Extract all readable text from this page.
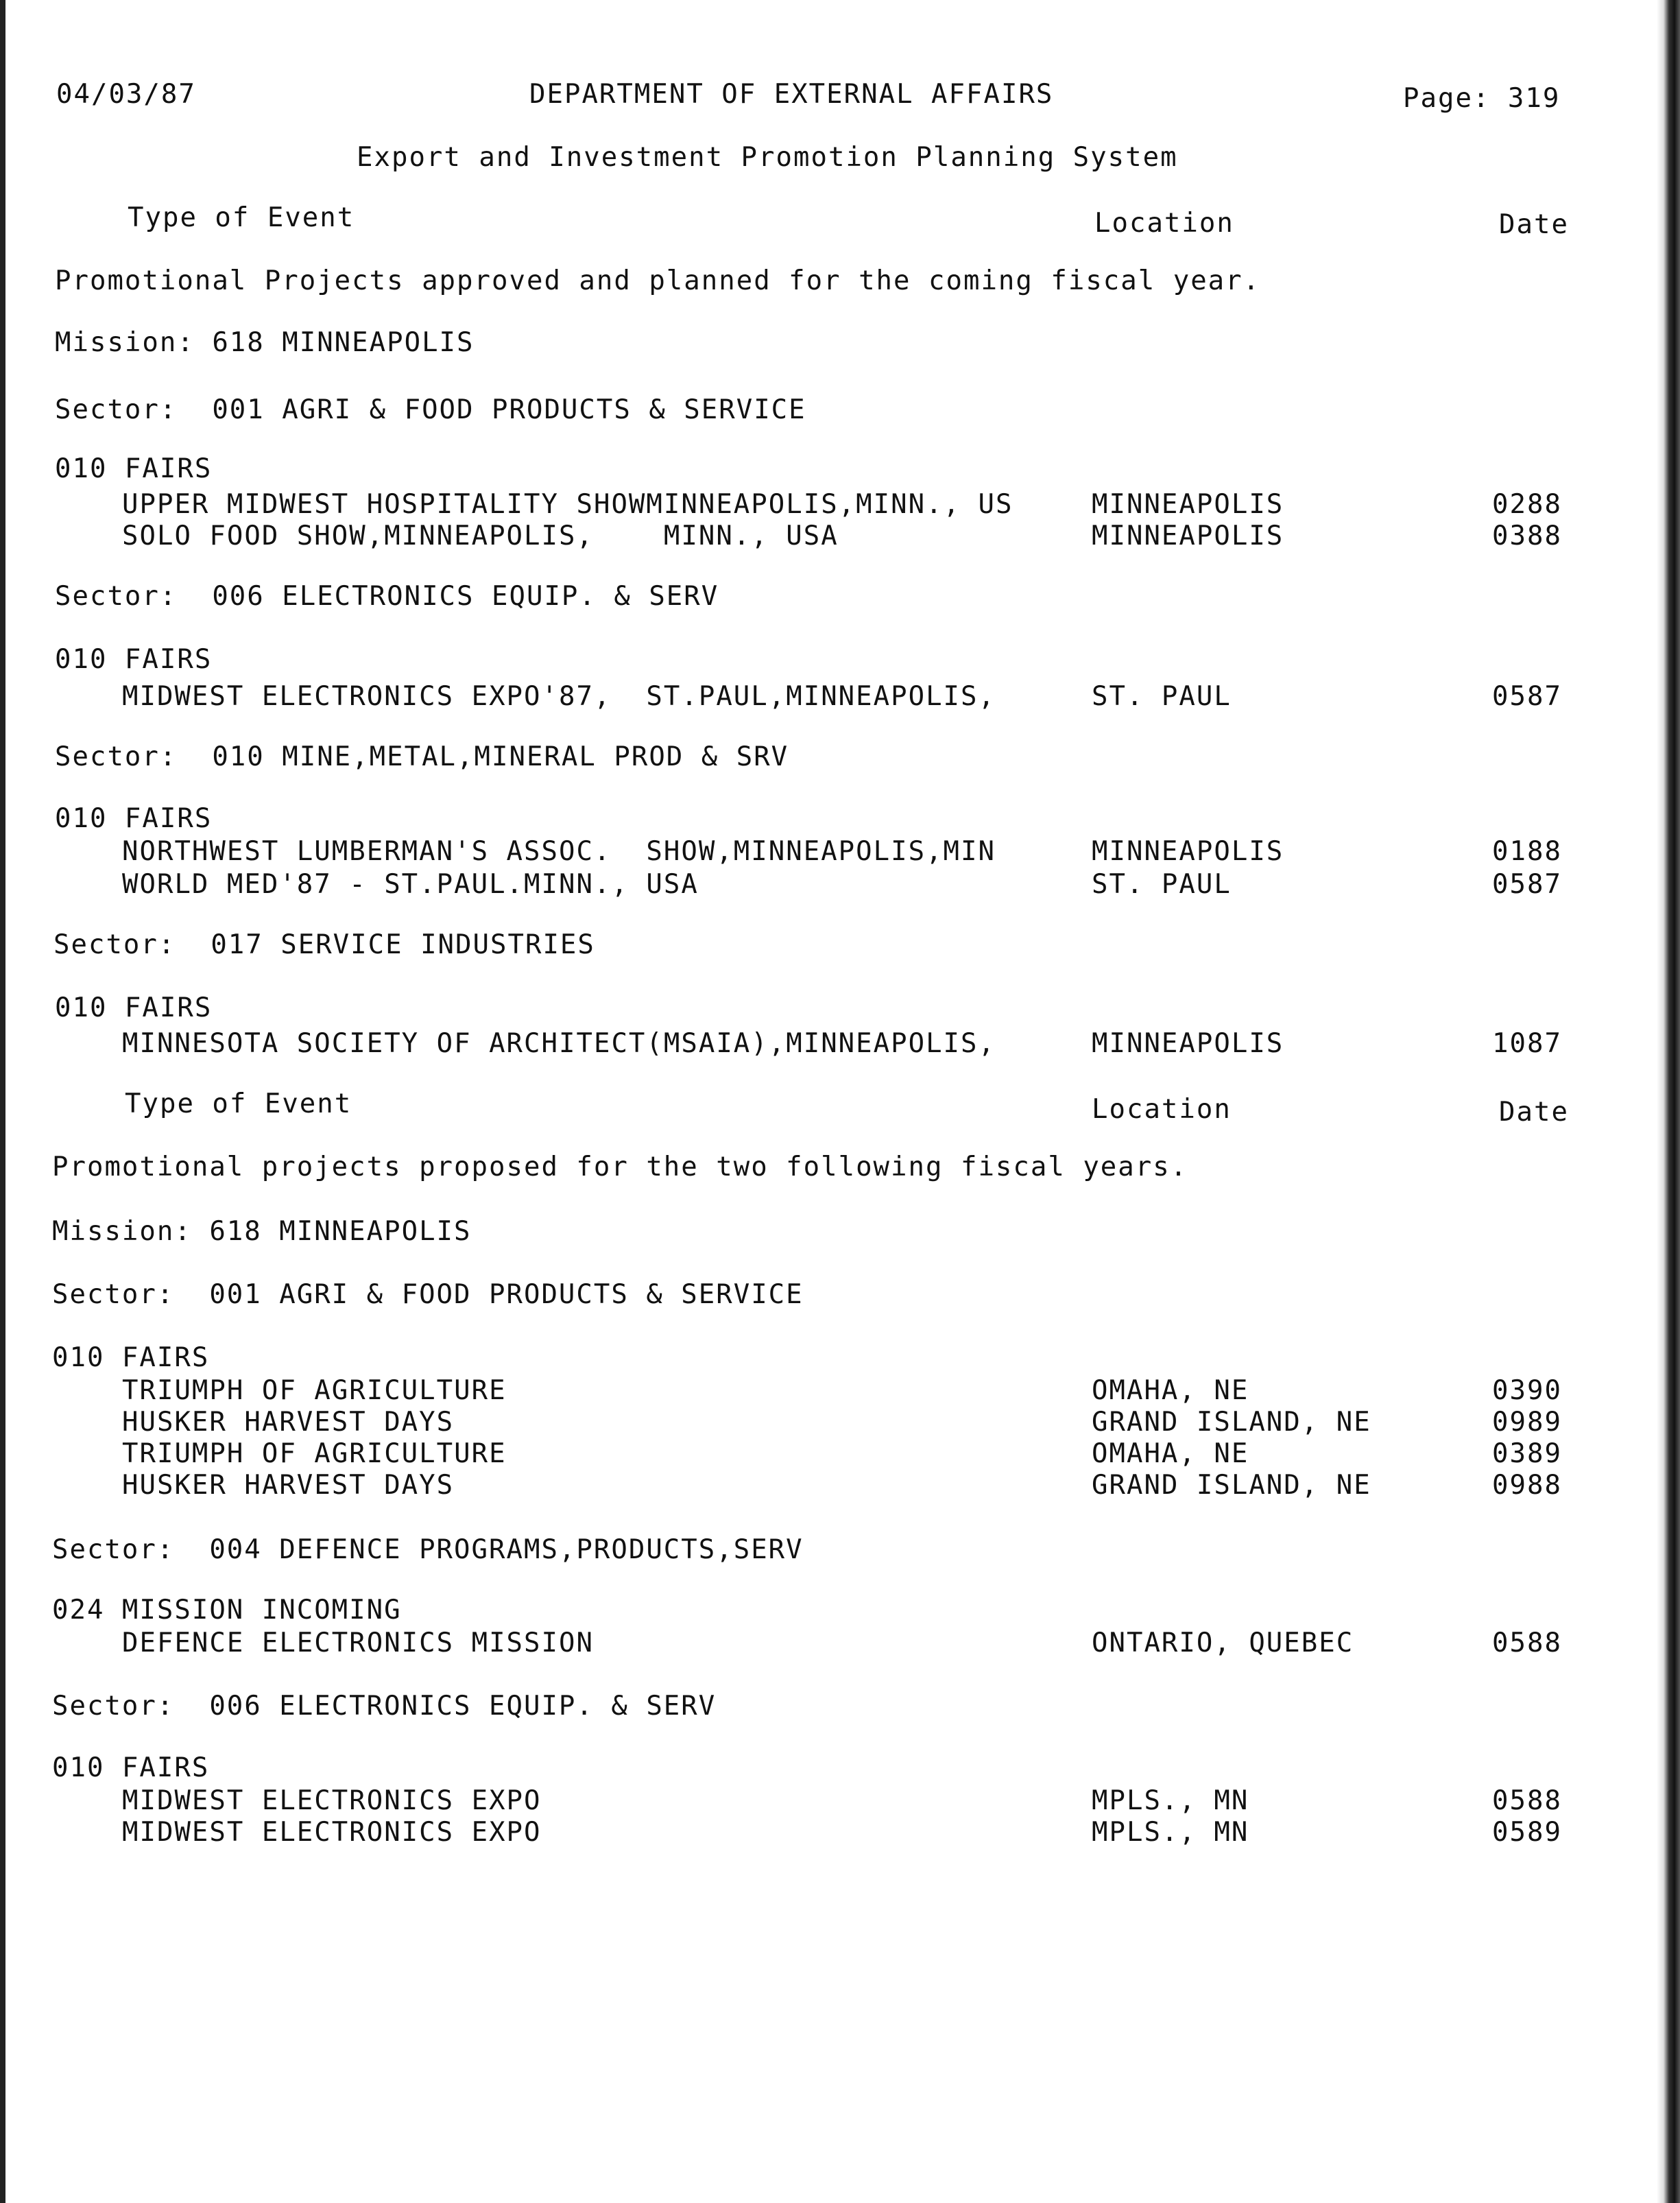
04/03/87	DEPARTMENT OF EXTERNAL AFFAIRS	Page: 319
Export and Investment Promotion Planning System
Type of Event	Location	Date
Promotional Projects approved and planned for the coming fiscal year.
Mission: 618 MINNEAPOLIS
Sector:  001 AGRI & FOOD PRODUCTS & SERVICE
010 FAIRS
UPPER MIDWEST HOSPITALITY SHOWMINNEAPOLIS,MINN., US	MINNEAPOLIS	0288
SOLO FOOD SHOW,MINNEAPOLIS,    MINN., USA	MINNEAPOLIS	0388
Sector:  006 ELECTRONICS EQUIP. & SERV
010 FAIRS
MIDWEST ELECTRONICS EXPO'87,  ST.PAUL,MINNEAPOLIS,	ST. PAUL	0587
Sector:  010 MINE,METAL,MINERAL PROD & SRV
010 FAIRS
NORTHWEST LUMBERMAN'S ASSOC.  SHOW,MINNEAPOLIS,MIN	MINNEAPOLIS	0188
WORLD MED'87 - ST.PAUL.MINN., USA	ST. PAUL	0587
Sector:  017 SERVICE INDUSTRIES
010 FAIRS
MINNESOTA SOCIETY OF ARCHITECT(MSAIA),MINNEAPOLIS,	MINNEAPOLIS	1087
Type of Event	Location	Date
Promotional projects proposed for the two following fiscal years.
Mission: 618 MINNEAPOLIS
Sector:  001 AGRI & FOOD PRODUCTS & SERVICE
010 FAIRS
TRIUMPH OF AGRICULTURE	OMAHA, NE	0390
HUSKER HARVEST DAYS	GRAND ISLAND, NE	0989
TRIUMPH OF AGRICULTURE	OMAHA, NE	0389
HUSKER HARVEST DAYS	GRAND ISLAND, NE	0988
Sector:  004 DEFENCE PROGRAMS,PRODUCTS,SERV
024 MISSION INCOMING
DEFENCE ELECTRONICS MISSION	ONTARIO, QUEBEC	0588
Sector:  006 ELECTRONICS EQUIP. & SERV
010 FAIRS
MIDWEST ELECTRONICS EXPO	MPLS., MN	0588
MIDWEST ELECTRONICS EXPO	MPLS., MN	0589
